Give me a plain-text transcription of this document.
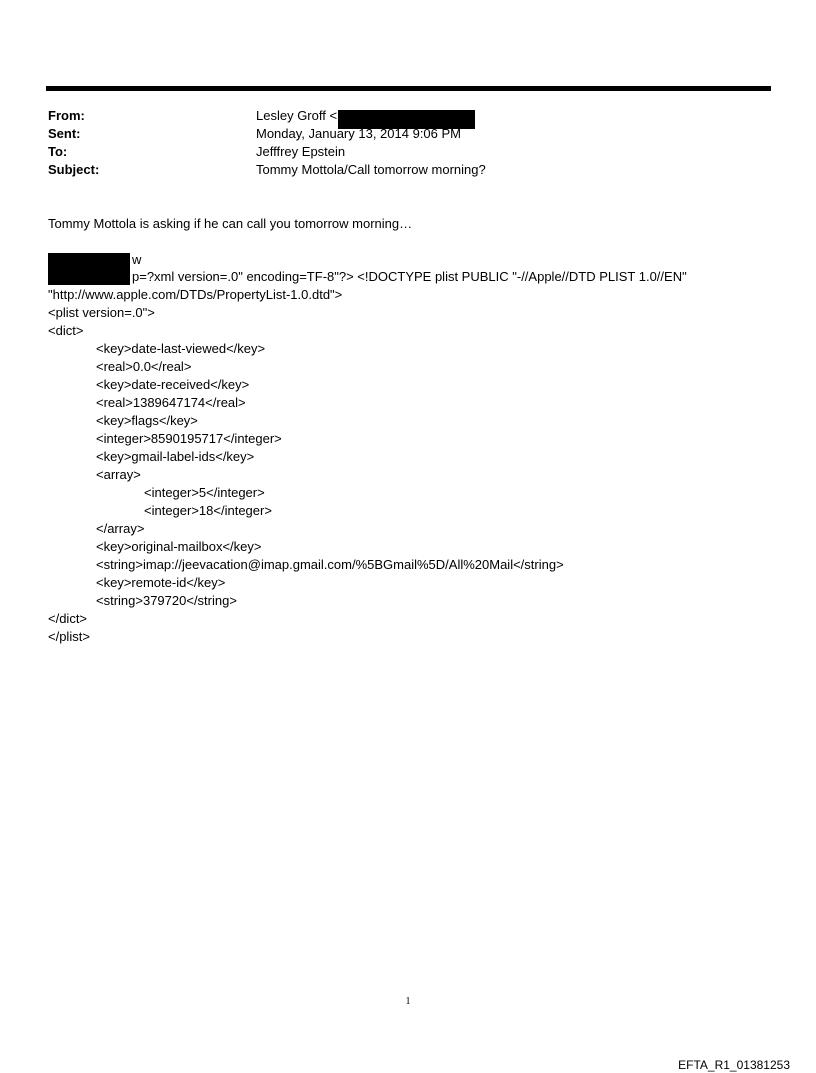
From:	Lesley Groff <
Sent:	Monday, January 13, 2014 9:06 PM
To:	Jefffrey Epstein
Subject:	Tommy Mottola/Call tomorrow morning?
Tommy Mottola is asking if he can call you tomorrow morning…
w
p=?xml version=.0" encoding=TF-8"?> <!DOCTYPE plist PUBLIC "-//Apple//DTD PLIST 1.0//EN"
"http://www.apple.com/DTDs/PropertyList-1.0.dtd">
<plist version=.0">
<dict>
<key>date-last-viewed</key>
<real>0.0</real>
<key>date-received</key>
<real>1389647174</real>
<key>flags</key>
<integer>8590195717</integer>
<key>gmail-label-ids</key>
<array>
<integer>5</integer>
<integer>18</integer>
</array>
<key>original-mailbox</key>
<string>imap://jeevacation@imap.gmail.com/%5BGmail%5D/All%20Mail</string>
<key>remote-id</key>
<string>379720</string>
</dict>
</plist>
1
EFTA_R1_01381253
